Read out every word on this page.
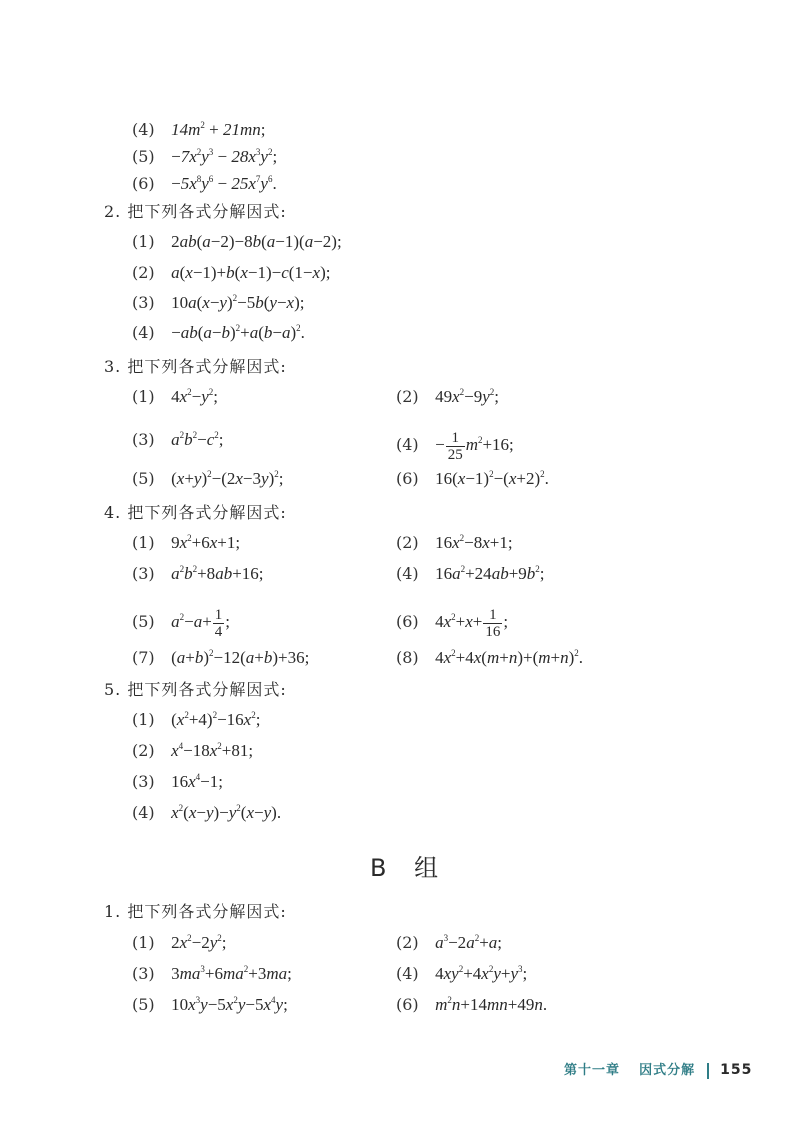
(4) $14m^2 + 21mn$;
$(5) -7x^2y^3 - 28x^3y^2$;
$(6) -5x^8y^6 - 25x^7y^6$.
2. 把下列各式分解因式:
(1) 2ab(a−2)−8b(a−1)(a−2);
(2) a(x−1)+b(x−1)−c(1−x);
(3) $10a(x-y)^2-5b(y-x)$;
$(4) -ab(a-b)^2+a(b-a)^2$.
3. 把下列各式分解因式:
(1) $4x^2-y^2$;	(2) $49x^2-9y^2$;
(3) $a^2b^2-c^2$;	$(4) - \frac{1}{25} m^2+16$;
(5) $(x+y)^2-(2x-3y)^2$;	(6) $16(x-1)^2-(x+2)^2$.
4. 把下列各式分解因式:
(1) $9x^2+6x+1$;	(2) $16x^2-8x+1$;
(3) $a^2b^2+8ab+16$;	(4) $16a^2+24ab+9b^2$;
(5) $a^2-a+ \frac{1}{4}$ ;	(6) $4x^2+x+ \frac{1}{16}$ ;
(7) $(a+b)^2-12(a+b)+36$;	(8) $4x^2+4x(m+n)+(m+n)^2$.
5. 把下列各式分解因式:
(1) $(x^2+4)^2-16x^2$;
(2) $x^4-18x^2+81$;
(3) $16x^4-1$;
(4) $x^2(x-y)-y^2(x-y)$.
B 组
1. 把下列各式分解因式:
(1) $2x^2-2y^2$;	(2) $a^3-2a^2+a$;
(3) $3ma^3+6ma^2+3ma$;	(4) $4xy^2+4x^2y+y^3$;
(5) $10x^3y-5x^2y-5x^4y$;	(6) $m^2n+14mn+49n$.
第十一章 因式分解 155
